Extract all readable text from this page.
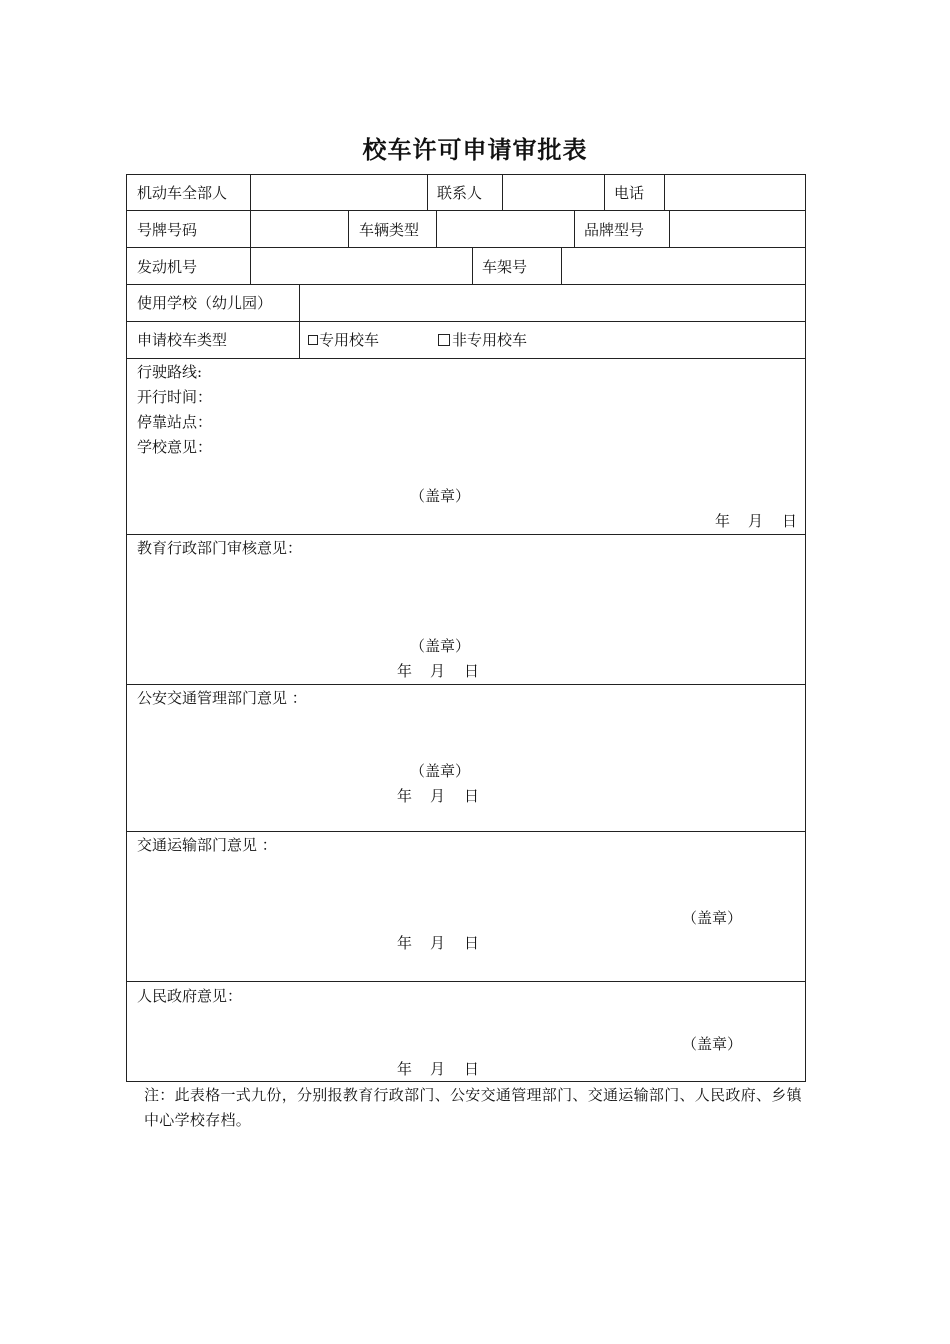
校车许可申请审批表
机动车全部人	联系人	电话
号牌号码	车辆类型	品牌型号
发动机号	车架号
使用学校（幼儿园）
申请校车类型	专用校车	非专用校车
行驶路线:
开行时间：
停靠站点：
学校意见：
（盖章）
年 月 日
教育行政部门审核意见：
（盖章）
年 月 日
公安交通管理部门意见 ：
（盖章）
年 月 日
交通运输部门意见 ：
（盖章）
年 月 日
人民政府意见：
（盖章）
年 月 日
注：此表格一式九份，分别报教育行政部门、公安交通管理部门、交通运输部门、人民政府、乡镇中心学校存档。
